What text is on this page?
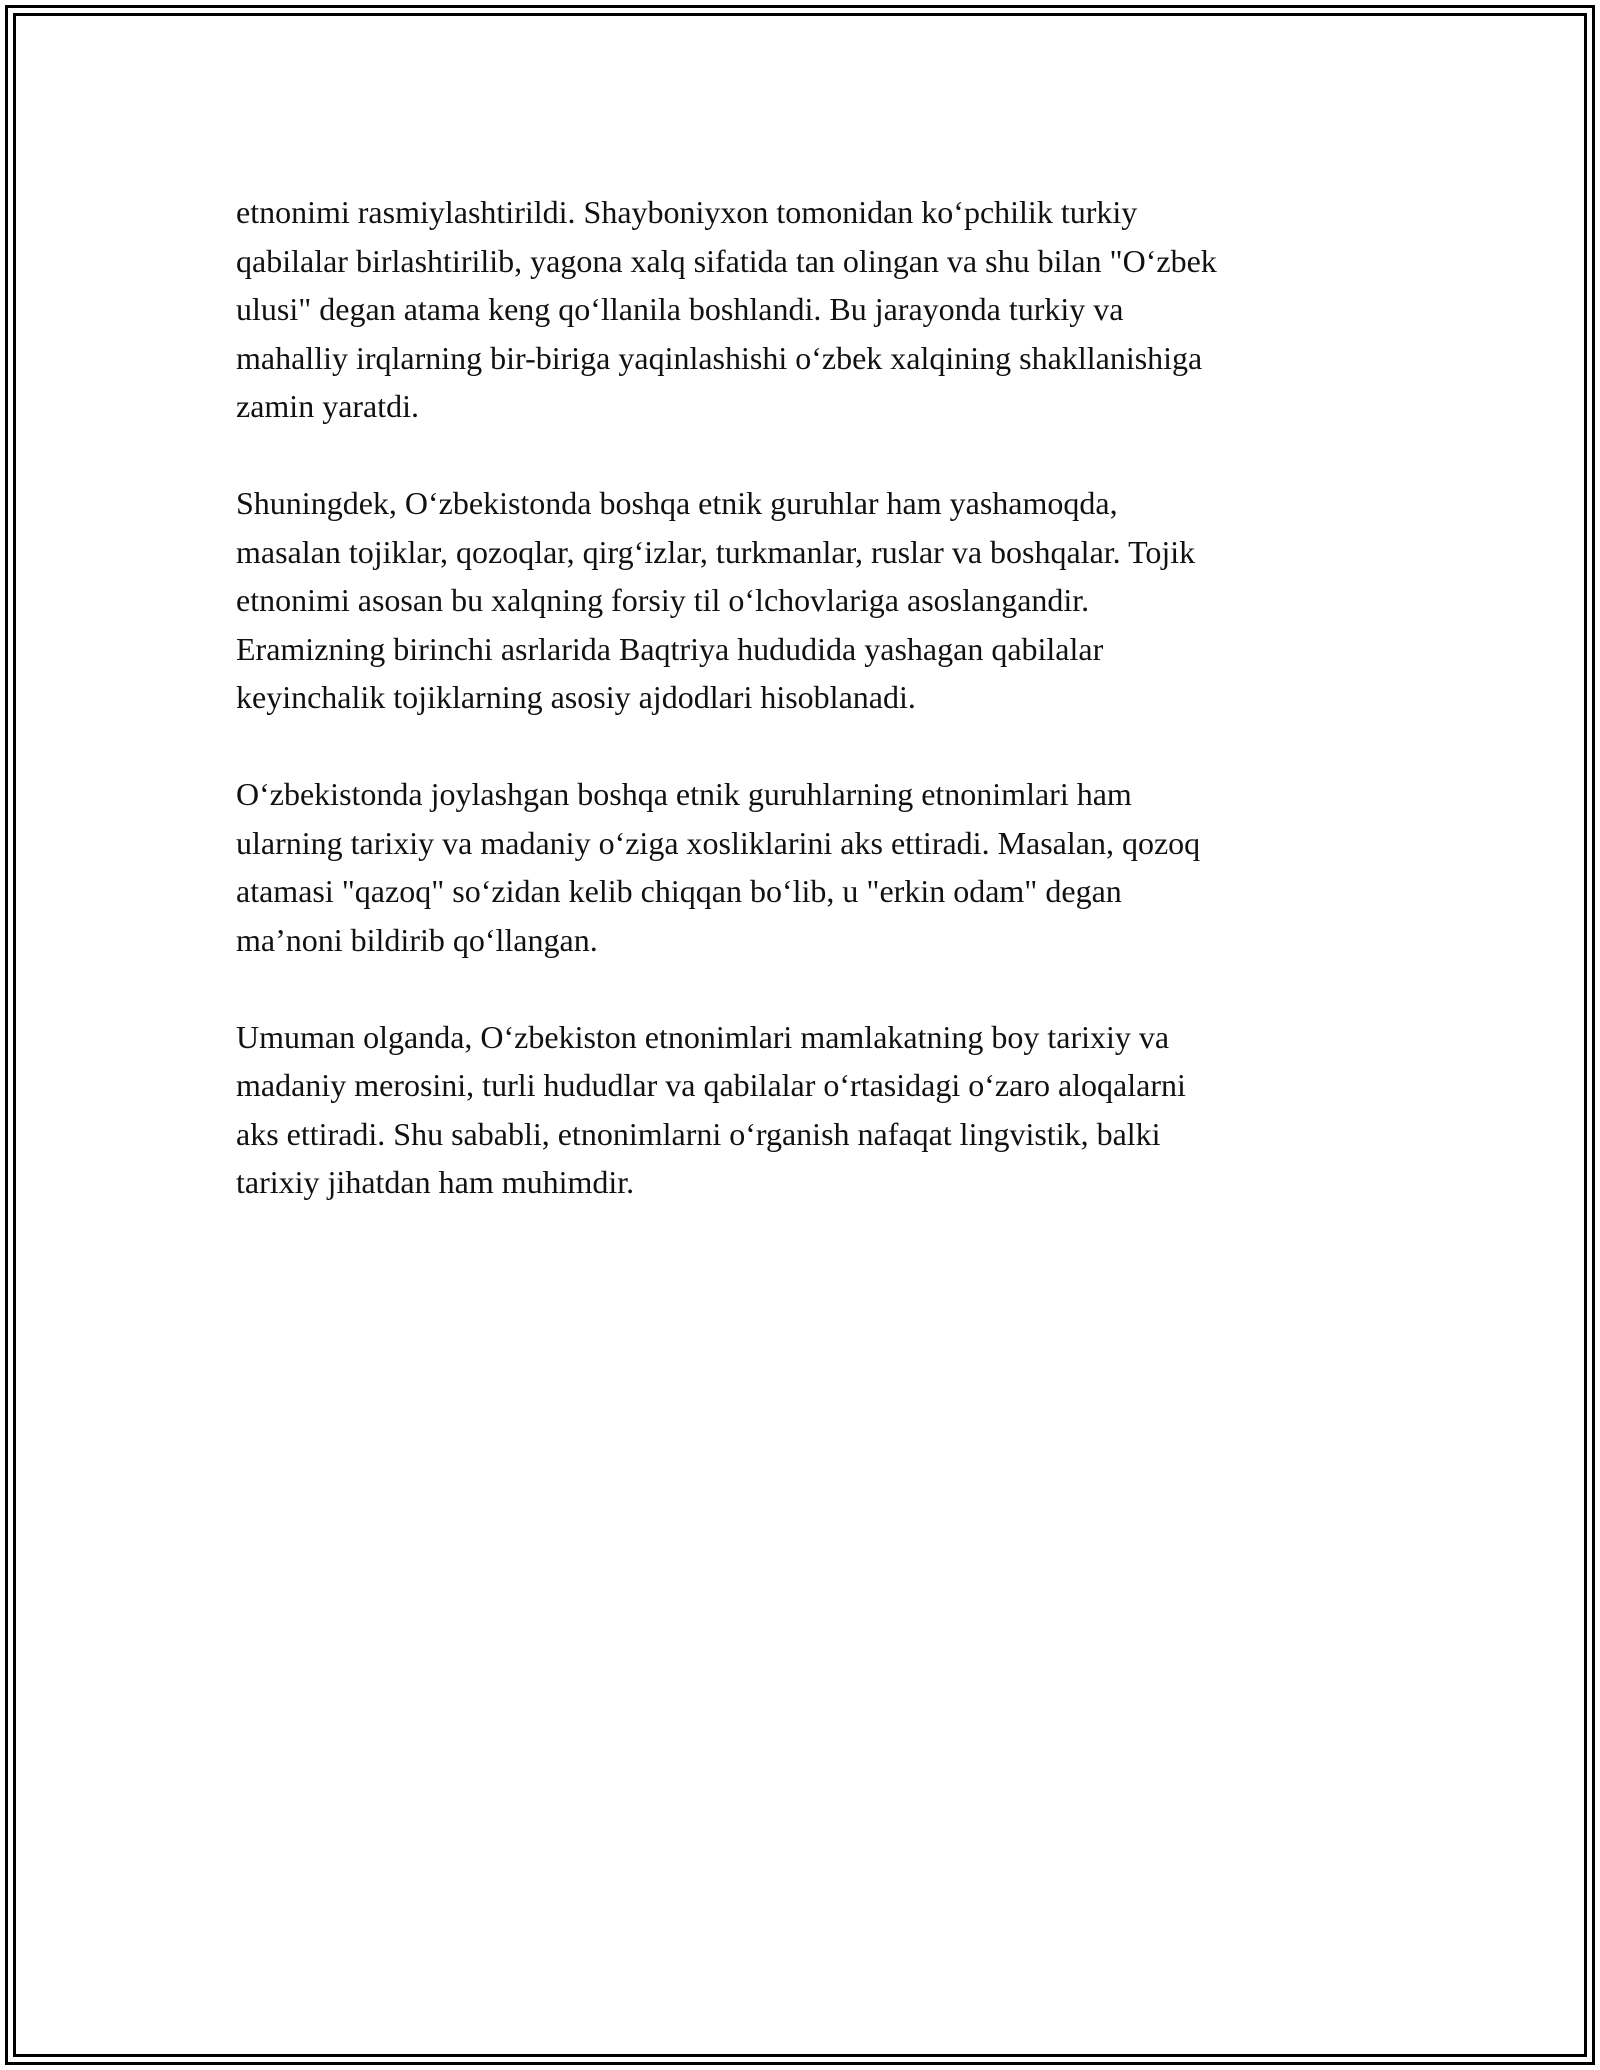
etnonimi rasmiylashtirildi. Shayboniyxon tomonidan ko‘pchilik turkiy
qabilalar birlashtirilib, yagona xalq sifatida tan olingan va shu bilan "O‘zbek
ulusi" degan atama keng qo‘llanila boshlandi. Bu jarayonda turkiy va
mahalliy irqlarning bir-biriga yaqinlashishi o‘zbek xalqining shakllanishiga
zamin yaratdi.

Shuningdek, O‘zbekistonda boshqa etnik guruhlar ham yashamoqda,
masalan tojiklar, qozoqlar, qirg‘izlar, turkmanlar, ruslar va boshqalar. Tojik
etnonimi asosan bu xalqning forsiy til o‘lchovlariga asoslangandir.
Eramizning birinchi asrlarida Baqtriya hududida yashagan qabilalar
keyinchalik tojiklarning asosiy ajdodlari hisoblanadi.

O‘zbekistonda joylashgan boshqa etnik guruhlarning etnonimlari ham
ularning tarixiy va madaniy o‘ziga xosliklarini aks ettiradi. Masalan, qozoq
atamasi "qazoq" so‘zidan kelib chiqqan bo‘lib, u "erkin odam" degan
ma’noni bildirib qo‘llangan.

Umuman olganda, O‘zbekiston etnonimlari mamlakatning boy tarixiy va
madaniy merosini, turli hududlar va qabilalar o‘rtasidagi o‘zaro aloqalarni
aks ettiradi. Shu sababli, etnonimlarni o‘rganish nafaqat lingvistik, balki
tarixiy jihatdan ham muhimdir.
